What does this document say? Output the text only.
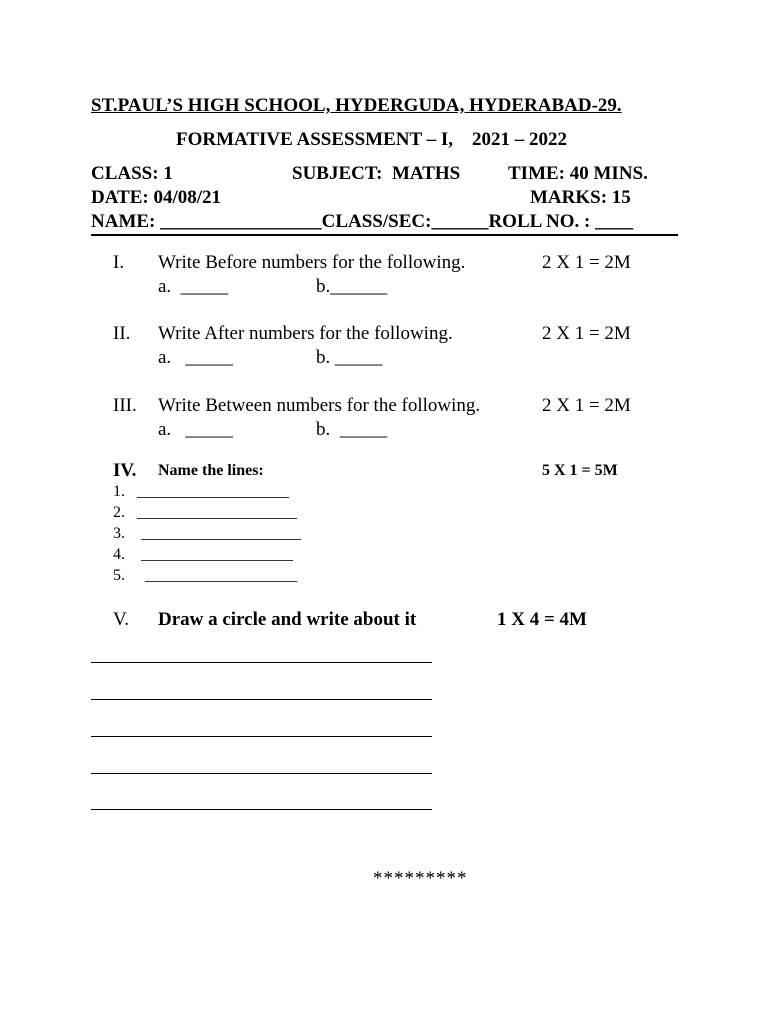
ST.PAUL’S HIGH SCHOOL, HYDERGUDA, HYDERABAD-29.
FORMATIVE ASSESSMENT – I,    2021 – 2022
CLASS: 1	SUBJECT:  MATHS	TIME: 40 MINS.
DATE: 04/08/21	MARKS: 15
NAME: _________________CLASS/SEC:______ROLL NO. : ____
I. Write Before numbers for the following.	2 X 1 = 2M
a.  _____	b.______
II. Write After numbers for the following.	2 X 1 = 2M
a.   _____	b. _____
III. Write Between numbers for the following.	2 X 1 = 2M
a.   _____	b.  _____
IV. Name the lines:	5 X 1 = 5M
1.   ___________________
2.   ____________________
3.    ____________________
4.    ___________________
5.     ___________________
V. Draw a circle and write about it	1 X 4 = 4M
*********
